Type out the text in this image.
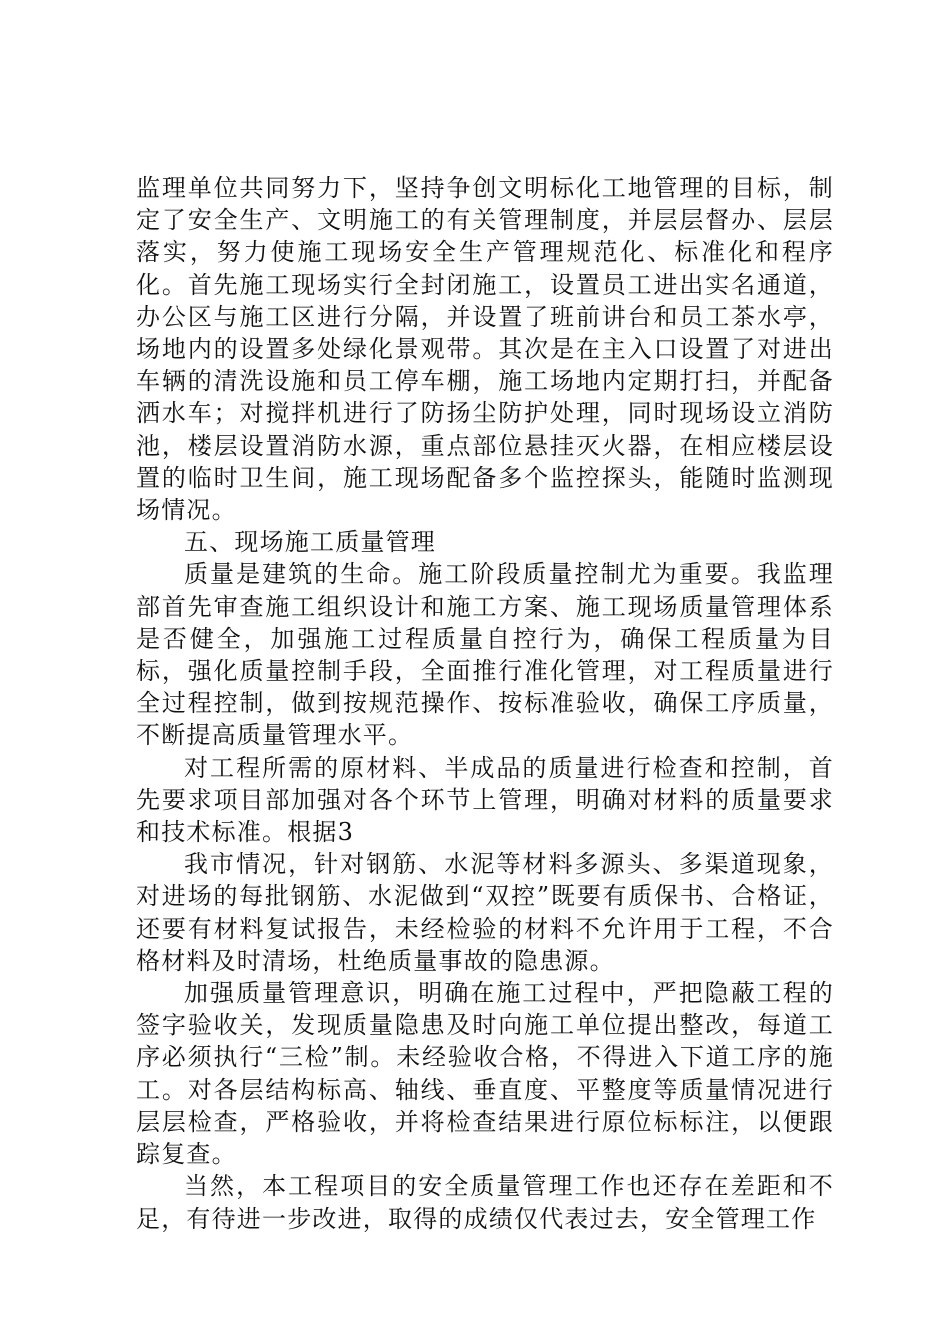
监理单位共同努力下，坚持争创文明标化工地管理的目标，制定了安全生产、文明施工的有关管理制度，并层层督办、层层落实，努力使施工现场安全生产管理规范化、标准化和程序化。首先施工现场实行全封闭施工，设置员工进出实名通道，办公区与施工区进行分隔，并设置了班前讲台和员工茶水亭，场地内的设置多处绿化景观带。其次是在主入口设置了对进出车辆的清洗设施和员工停车棚，施工场地内定期打扫，并配备洒水车；对搅拌机进行了防扬尘防护处理，同时现场设立消防池，楼层设置消防水源，重点部位悬挂灭火器，在相应楼层设置的临时卫生间，施工现场配备多个监控探头，能随时监测现场情况。

五、现场施工质量管理

质量是建筑的生命。施工阶段质量控制尤为重要。我监理部首先审查施工组织设计和施工方案、施工现场质量管理体系是否健全，加强施工过程质量自控行为，确保工程质量为目标，强化质量控制手段，全面推行准化管理，对工程质量进行全过程控制，做到按规范操作、按标准验收，确保工序质量，不断提高质量管理水平。

对工程所需的原材料、半成品的质量进行检查和控制，首先要求项目部加强对各个环节上管理，明确对材料的质量要求和技术标准。根据3

我市情况，针对钢筋、水泥等材料多源头、多渠道现象，对进场的每批钢筋、水泥做到“双控”既要有质保书、合格证，还要有材料复试报告，未经检验的材料不允许用于工程，不合格材料及时清场，杜绝质量事故的隐患源。

加强质量管理意识，明确在施工过程中，严把隐蔽工程的签字验收关，发现质量隐患及时向施工单位提出整改，每道工序必须执行“三检”制。未经验收合格，不得进入下道工序的施工。对各层结构标高、轴线、垂直度、平整度等质量情况进行层层检查，严格验收，并将检查结果进行原位标标注，以便跟踪复查。

当然，本工程项目的安全质量管理工作也还存在差距和不足，有待进一步改进，取得的成绩仅代表过去，安全管理工作
